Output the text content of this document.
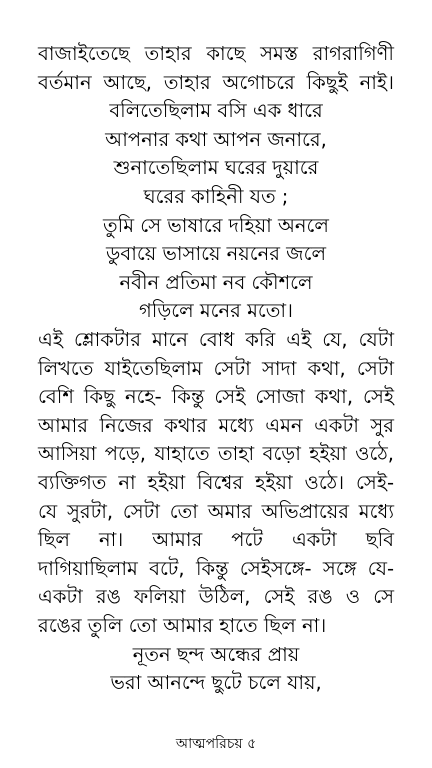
বাজাইতেছে তাহার কাছে সমস্ত রাগরাগিণী
বর্তমান আছে, তাহার অগোচরে কিছুই নাই।
বলিতেছিলাম বসি এক ধারে
আপনার কথা আপন জনারে,
শুনাতেছিলাম ঘরের দুয়ারে
ঘরের কাহিনী যত ;
তুমি সে ভাষারে দহিয়া অনলে
ডুবায়ে ভাসায়ে নয়নের জলে
নবীন প্রতিমা নব কৌশলে
গড়িলে মনের মতো।
এই শ্লোকটার মানে বোধ করি এই যে, যেটা
লিখতে যাইতেছিলাম সেটা সাদা কথা, সেটা
বেশি কিছু নহে- কিন্তু সেই সোজা কথা, সেই
আমার নিজের কথার মধ্যে এমন একটা সুর
আসিয়া পড়ে, যাহাতে তাহা বড়ো হইয়া ওঠে,
ব্যক্তিগত না হইয়া বিশ্বের হইয়া ওঠে। সেই-
যে সুরটা, সেটা তো অমার অভিপ্রায়ের মধ্যে
ছিল না। আমার পটে একটা ছবি
দাগিয়াছিলাম বটে, কিন্তু সেইসঙ্গে- সঙ্গে যে-
একটা রঙ ফলিয়া উঠিল, সেই রঙ ও সে
রঙের তুলি তো আমার হাতে ছিল না।
নূতন ছন্দ অন্ধের প্রায়
ভরা আনন্দে ছুটে চলে যায়,
আত্মপরিচয় ৫
